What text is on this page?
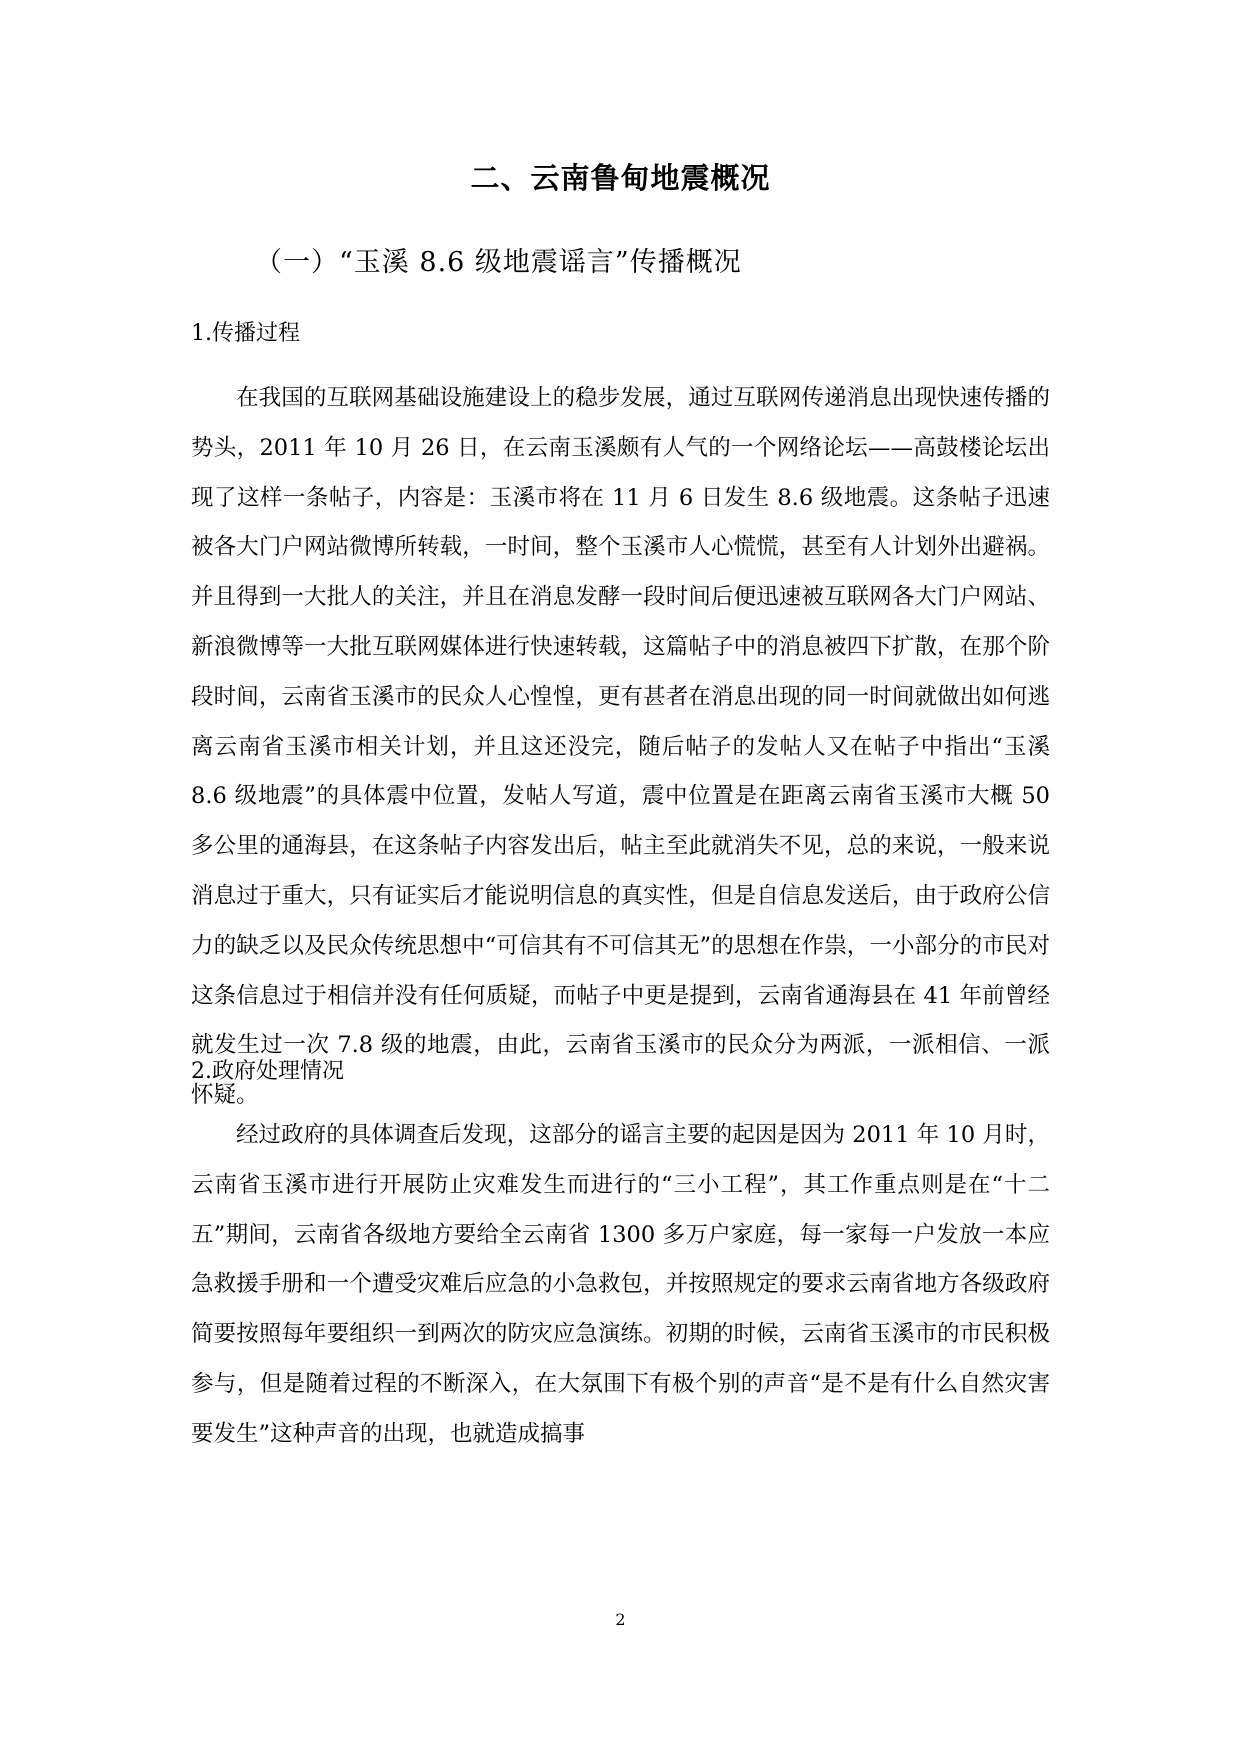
二、云南鲁甸地震概况
（一）“玉溪 8.6 级地震谣言”传播概况
1.传播过程

在我国的互联网基础设施建设上的稳步发展，通过互联网传递消息出现快速传播的势头，2011 年 10 月 26 日，在云南玉溪颇有人气的一个网络论坛——高鼓楼论坛出现了这样一条帖子，内容是：玉溪市将在 11 月 6 日发生 8.6 级地震。这条帖子迅速被各大门户网站微博所转载，一时间，整个玉溪市人心慌慌，甚至有人计划外出避祸。并且得到一大批人的关注，并且在消息发酵一段时间后便迅速被互联网各大门户网站、新浪微博等一大批互联网媒体进行快速转载，这篇帖子中的消息被四下扩散，在那个阶段时间，云南省玉溪市的民众人心惶惶，更有甚者在消息出现的同一时间就做出如何逃离云南省玉溪市相关计划，并且这还没完，随后帖子的发帖人又在帖子中指出“玉溪 8.6 级地震”的具体震中位置，发帖人写道，震中位置是在距离云南省玉溪市大概 50 多公里的通海县，在这条帖子内容发出后，帖主至此就消失不见，总的来说，一般来说消息过于重大，只有证实后才能说明信息的真实性，但是自信息发送后，由于政府公信力的缺乏以及民众传统思想中“可信其有不可信其无”的思想在作祟，一小部分的市民对这条信息过于相信并没有任何质疑，而帖子中更是提到，云南省通海县在 41 年前曾经就发生过一次 7.8 级的地震，由此，云南省玉溪市的民众分为两派，一派相信、一派怀疑。

2.政府处理情况

经过政府的具体调查后发现，这部分的谣言主要的起因是因为 2011 年 10 月时，云南省玉溪市进行开展防止灾难发生而进行的“三小工程”，其工作重点则是在“十二五”期间，云南省各级地方要给全云南省 1300 多万户家庭，每一家每一户发放一本应急救援手册和一个遭受灾难后应急的小急救包，并按照规定的要求云南省地方各级政府简要按照每年要组织一到两次的防灾应急演练。初期的时候，云南省玉溪市的市民积极参与，但是随着过程的不断深入，在大氛围下有极个别的声音“是不是有什么自然灾害要发生”这种声音的出现，也就造成搞事

2
